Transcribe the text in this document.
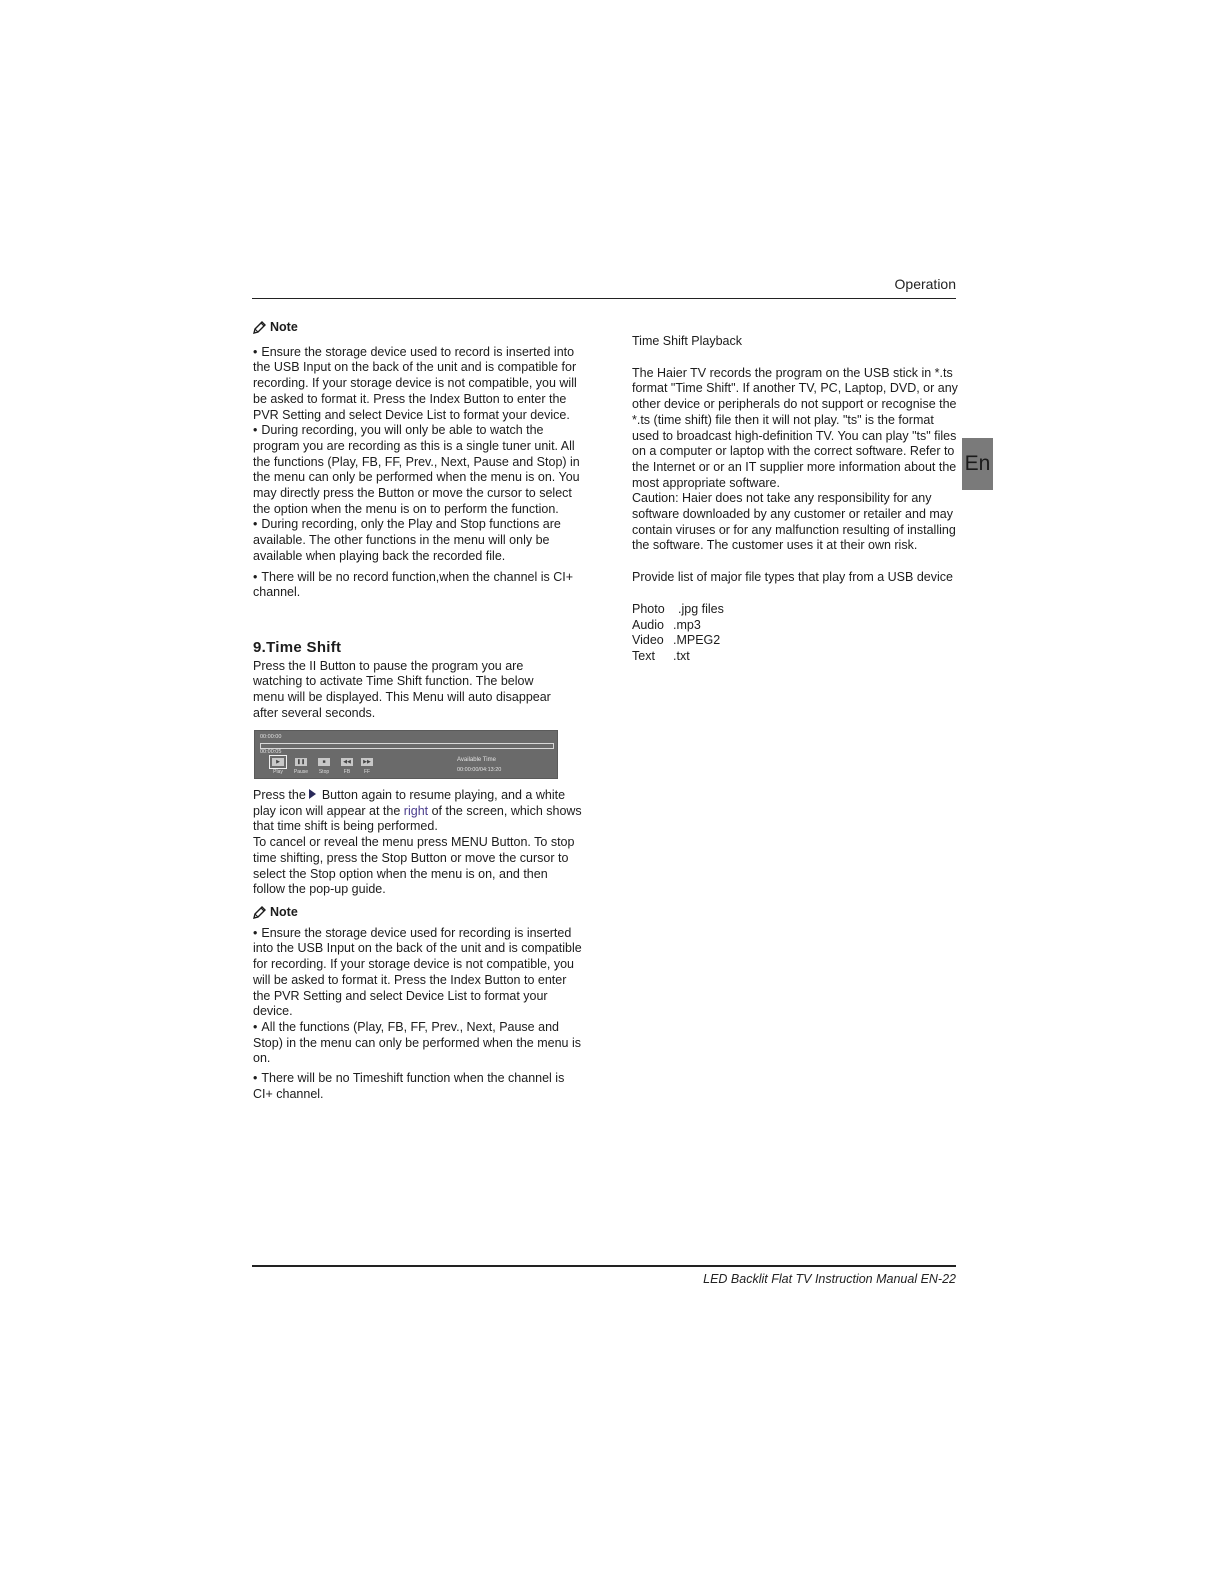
Operation
En
Note

• Ensure the storage device used to record is inserted into the USB Input on the back of the unit and is compatible for recording. If your storage device is not compatible, you will be asked to format it. Press the Index Button to enter the PVR Setting and select Device List to format your device.

• During recording, you will only be able to watch the program you are recording as this is a single tuner unit. All the functions (Play, FB, FF, Prev., Next, Pause and Stop) in the menu can only be performed when the menu is on. You may directly press the Button or move the cursor to select the option when the menu is on to perform the function.

• During recording, only the Play and Stop functions are available. The other functions in the menu will only be available when playing back the recorded file.

• There will be no record function,when the channel is CI+ channel.

9.Time Shift

Press the II Button to pause the program you are watching to activate Time Shift function. The below menu will be displayed. This Menu will auto disappear after several seconds.

00:00:00
00:00:05
▶	❚❚	■	◀◀ ▶▶
Play	Pause	Stop	FB	FF
Available Time
00:00:00/04:13:20

Press the Button again to resume playing, and a white play icon will appear at the right of the screen, which shows that time shift is being performed.

To cancel or reveal the menu press MENU Button. To stop time shifting, press the Stop Button or move the cursor to select the Stop option when the menu is on, and then follow the pop-up guide.

Note

• Ensure the storage device used for recording is inserted into the USB Input on the back of the unit and is compatible for recording. If your storage device is not compatible, you will be asked to format it. Press the Index Button to enter the PVR Setting and select Device List to format your device.

• All the functions (Play, FB, FF, Prev., Next, Pause and Stop) in the menu can only be performed when the menu is on.

• There will be no Timeshift function when the channel is CI+ channel.

Time Shift Playback

The Haier TV records the program on the USB stick in *.ts format "Time Shift". If another TV, PC, Laptop, DVD, or any other device or peripherals do not support or recognise the *.ts (time shift) file then it will not play. "ts" is the format used to broadcast high-definition TV. You can play "ts" files on a computer or laptop with the correct software. Refer to the Internet or or an IT supplier more information about the most appropriate software.

Caution: Haier does not take any responsibility for any software downloaded by any customer or retailer and may contain viruses or for any malfunction resulting of installing the software. The customer uses it at their own risk.

Provide list of major file types that play from a USB device

Photo .jpg files
Audio .mp3
Video .MPEG2
Text .txt
LED Backlit Flat TV Instruction Manual EN-22
